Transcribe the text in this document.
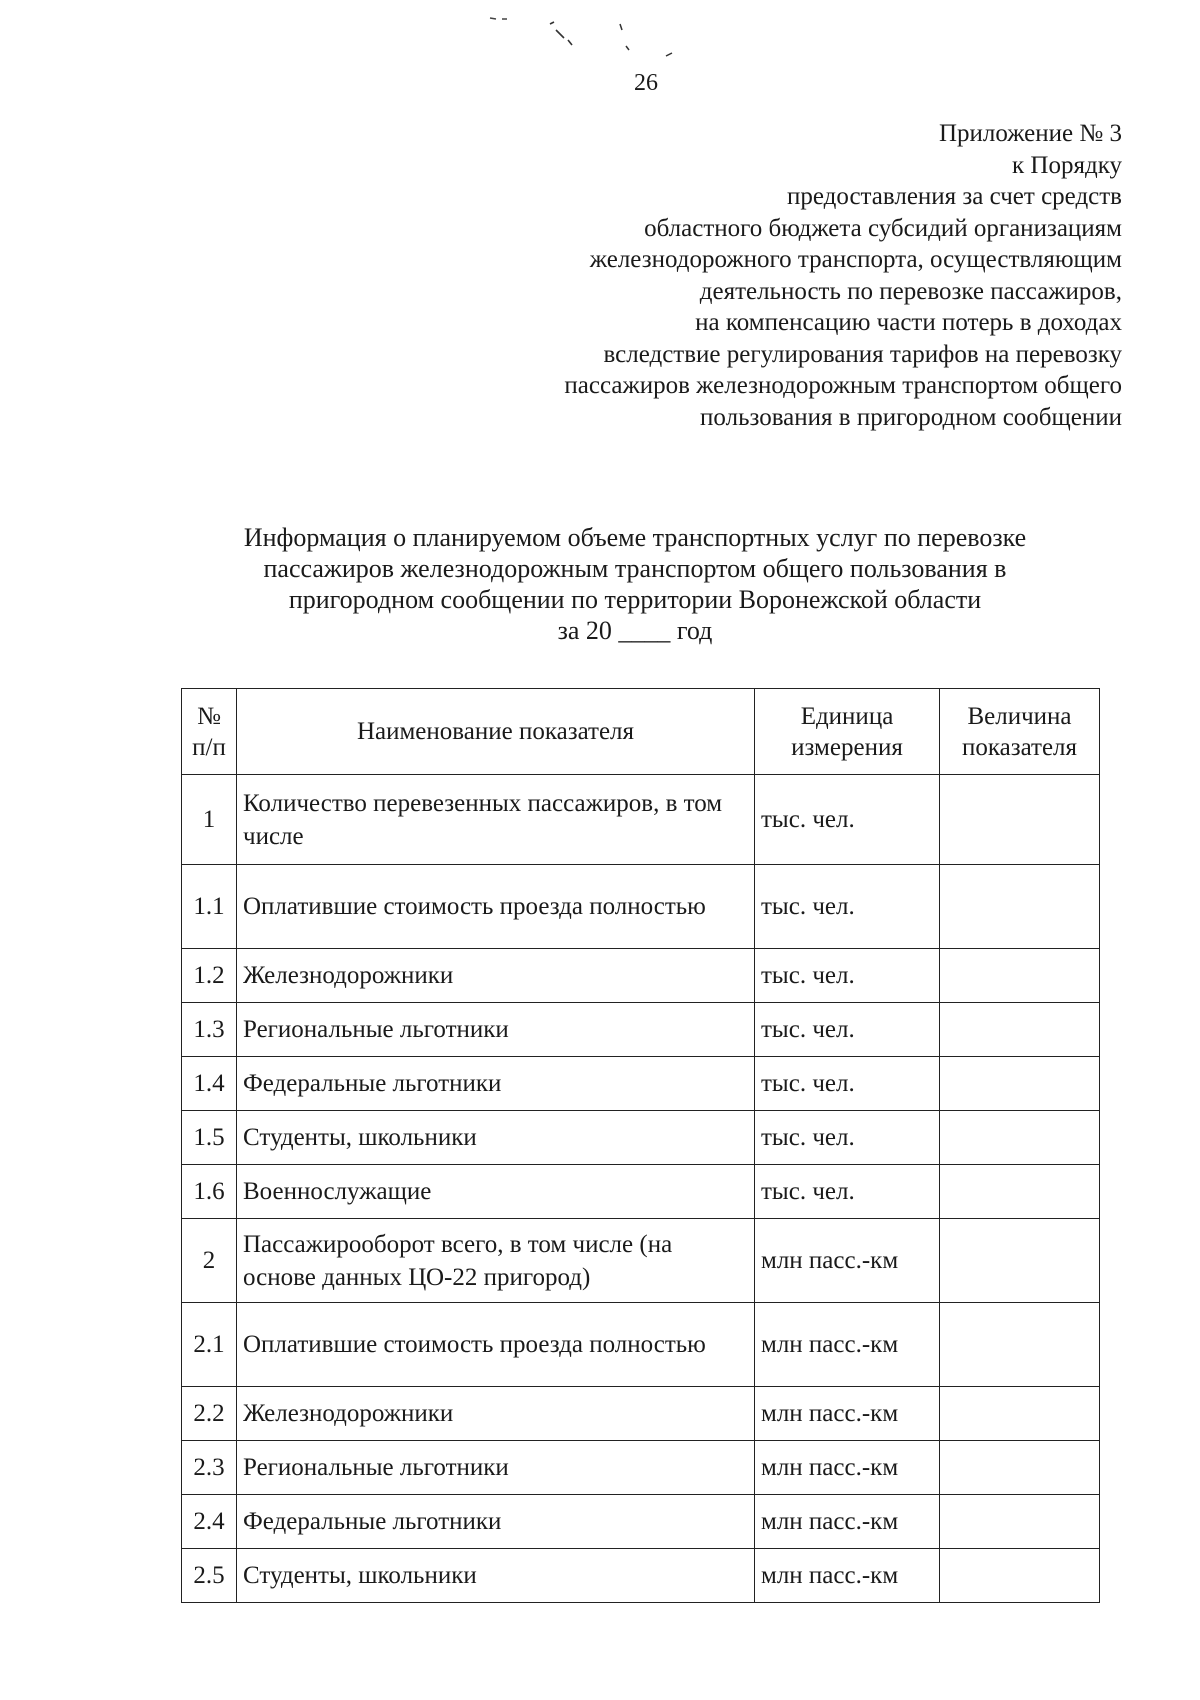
26
Приложение № 3
к Порядку
предоставления за счет средств
областного бюджета субсидий организациям
железнодорожного транспорта, осуществляющим
деятельность по перевозке пассажиров,
на компенсацию части потерь в доходах
вследствие регулирования тарифов на перевозку
пассажиров железнодорожным транспортом общего
пользования в пригородном сообщении
Информация о планируемом объеме транспортных услуг по перевозке
пассажиров железнодорожным транспортом общего пользования в
пригородном сообщении по территории Воронежской области
за 20 ____ год
№ п/п	Наименование показателя	Единица измерения	Величина показателя
1	Количество перевезенных пассажиров, в том числе	тыс. чел.	
1.1	Оплатившие стоимость проезда полностью	тыс. чел.	
1.2	Железнодорожники	тыс. чел.	
1.3	Региональные льготники	тыс. чел.	
1.4	Федеральные льготники	тыс. чел.	
1.5	Студенты, школьники	тыс. чел.	
1.6	Военнослужащие	тыс. чел.	
2	Пассажирооборот всего, в том числе (на основе данных ЦО-22 пригород)	млн пасс.-км	
2.1	Оплатившие стоимость проезда полностью	млн пасс.-км	
2.2	Железнодорожники	млн пасс.-км	
2.3	Региональные льготники	млн пасс.-км	
2.4	Федеральные льготники	млн пасс.-км	
2.5	Студенты, школьники	млн пасс.-км	
